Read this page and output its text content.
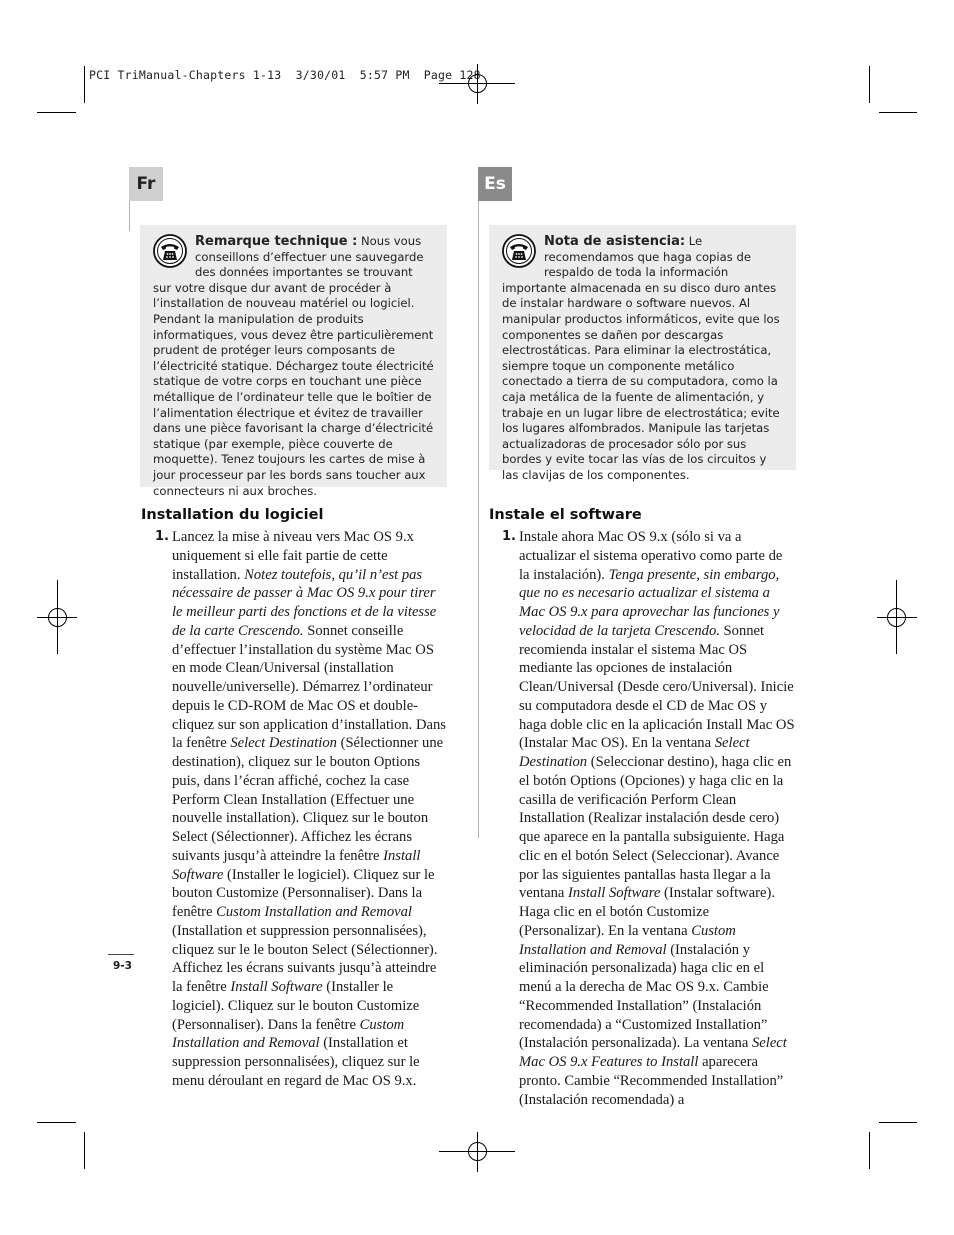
PCI TriManual-Chapters 1-13  3/30/01  5:57 PM  Page 128
Fr	Es
Remarque technique : Nous vous conseillons d’effectuer une sauvegarde des données importantes se trouvant sur votre disque dur avant de procéder à l’installation de nouveau matériel ou logiciel. Pendant la manipulation de produits informatiques, vous devez être particulièrement prudent de protéger leurs composants de l’électricité statique. Déchargez toute électricité statique de votre corps en touchant une pièce métallique de l’ordinateur telle que le boîtier de l’alimentation électrique et évitez de travailler dans une pièce favorisant la charge d’électricité statique (par exemple, pièce couverte de moquette). Tenez toujours les cartes de mise à jour processeur par les bords sans toucher aux connecteurs ni aux broches.
Nota de asistencia: Le recomendamos que haga copias de respaldo de toda la información importante almacenada en su disco duro antes de instalar hardware o software nuevos. Al manipular productos informáticos, evite que los componentes se dañen por descargas electrostáticas. Para eliminar la electrostática, siempre toque un componente metálico conectado a tierra de su computadora, como la caja metálica de la fuente de alimentación, y trabaje en un lugar libre de electrostática; evite los lugares alfombrados. Manipule las tarjetas actualizadoras de procesador sólo por sus bordes y evite tocar las vías de los circuitos y las clavijas de los componentes.
Installation du logiciel	Instale el software
1. Lancez la mise à niveau vers Mac OS 9.x uniquement si elle fait partie de cette installation. Notez toutefois, qu’il n’est pas nécessaire de passer à Mac OS 9.x pour tirer le meilleur parti des fonctions et de la vitesse de la carte Crescendo. Sonnet conseille d’effectuer l’installation du système Mac OS en mode Clean/Universal (installation nouvelle/universelle). Démarrez l’ordinateur depuis le CD-ROM de Mac OS et double-cliquez sur son application d’installation. Dans la fenêtre Select Destination (Sélectionner une destination), cliquez sur le bouton Options puis, dans l’écran affiché, cochez la case Perform Clean Installation (Effectuer une nouvelle installation). Cliquez sur le bouton Select (Sélectionner). Affichez les écrans suivants jusqu’à atteindre la fenêtre Install Software (Installer le logiciel). Cliquez sur le bouton Customize (Personnaliser). Dans la fenêtre Custom Installation and Removal (Installation et suppression personnalisées), cliquez sur le le bouton Select (Sélectionner). Affichez les écrans suivants jusqu’à atteindre la fenêtre Install Software (Installer le logiciel). Cliquez sur le bouton Customize (Personnaliser). Dans la fenêtre Custom Installation and Removal (Installation et suppression personnalisées), cliquez sur le menu déroulant en regard de Mac OS 9.x.
1. Instale ahora Mac OS 9.x (sólo si va a actualizar el sistema operativo como parte de la instalación). Tenga presente, sin embargo, que no es necesario actualizar el sistema a Mac OS 9.x para aprovechar las funciones y velocidad de la tarjeta Crescendo. Sonnet recomienda instalar el sistema Mac OS mediante las opciones de instalación Clean/Universal (Desde cero/Universal). Inicie su computadora desde el CD de Mac OS y haga doble clic en la aplicación Install Mac OS (Instalar Mac OS). En la ventana Select Destination (Seleccionar destino), haga clic en el botón Options (Opciones) y haga clic en la casilla de verificación Perform Clean Installation (Realizar instalación desde cero) que aparece en la pantalla subsiguiente. Haga clic en el botón Select (Seleccionar). Avance por las siguientes pantallas hasta llegar a la ventana Install Software (Instalar software). Haga clic en el botón Customize (Personalizar). En la ventana Custom Installation and Removal (Instalación y eliminación personalizada) haga clic en el menú a la derecha de Mac OS 9.x. Cambie “Recommended Installation” (Instalación recomendada) a “Customized Installation” (Instalación personalizada). La ventana Select Mac OS 9.x Features to Install aparecera pronto. Cambie “Recommended Installation” (Instalación recomendada) a
9-3
